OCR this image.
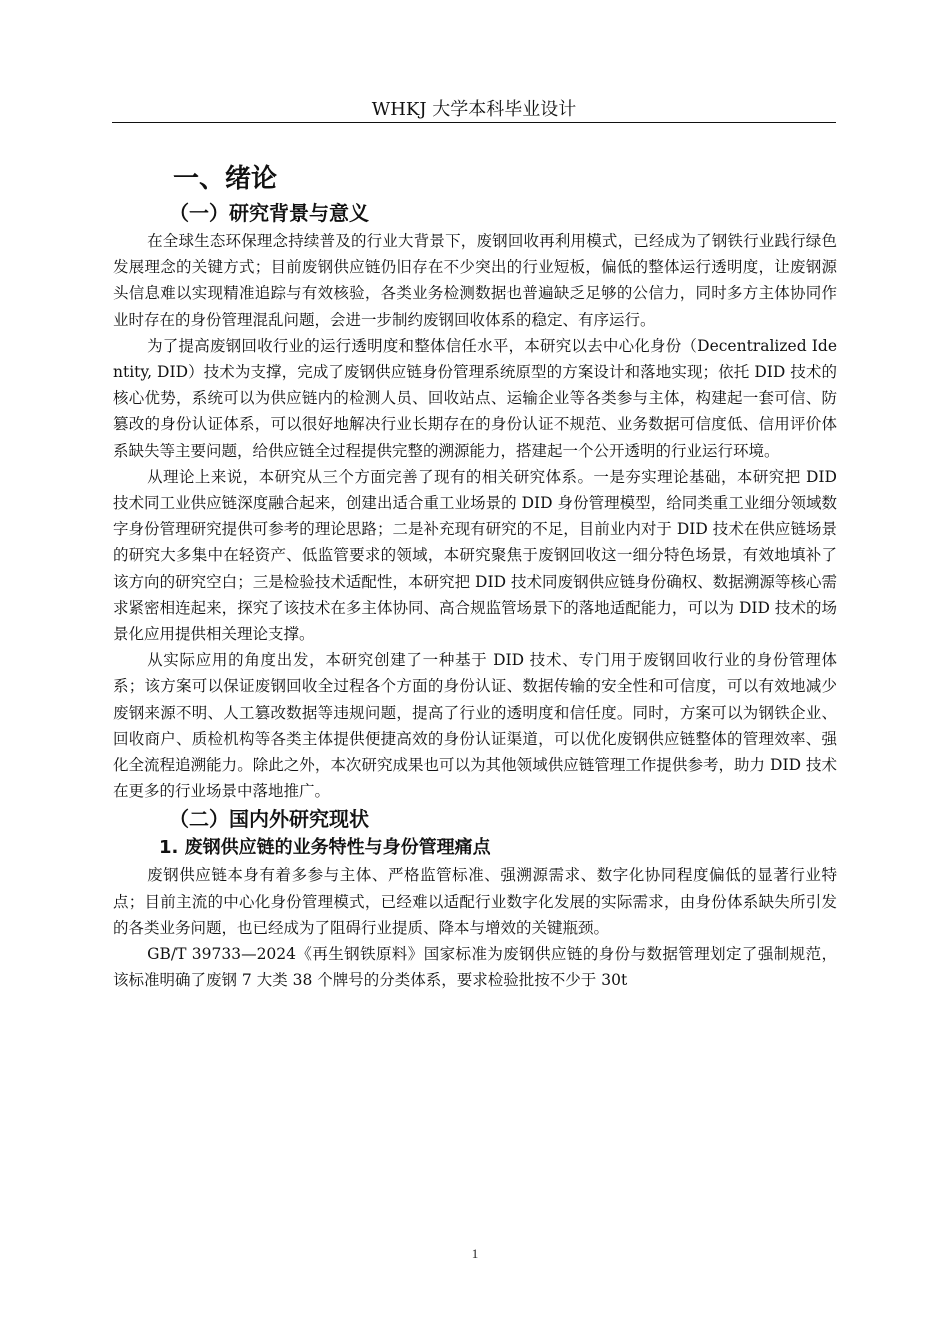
WHKJ 大学本科毕业设计
一、绪论
（一）研究背景与意义

在全球生态环保理念持续普及的行业大背景下，废钢回收再利用模式，已经成为了钢铁行业践行绿色发展理念的关键方式；目前废钢供应链仍旧存在不少突出的行业短板，偏低的整体运行透明度，让废钢源头信息难以实现精准追踪与有效核验，各类业务检测数据也普遍缺乏足够的公信力，同时多方主体协同作业时存在的身份管理混乱问题，会进一步制约废钢回收体系的稳定、有序运行。

为了提高废钢回收行业的运行透明度和整体信任水平，本研究以去中心化身份（Decentralized Identity, DID）技术为支撑，完成了废钢供应链身份管理系统原型的方案设计和落地实现；依托 DID 技术的核心优势，系统可以为供应链内的检测人员、回收站点、运输企业等各类参与主体，构建起一套可信、防篡改的身份认证体系，可以很好地解决行业长期存在的身份认证不规范、业务数据可信度低、信用评价体系缺失等主要问题，给供应链全过程提供完整的溯源能力，搭建起一个公开透明的行业运行环境。

从理论上来说，本研究从三个方面完善了现有的相关研究体系。一是夯实理论基础，本研究把 DID 技术同工业供应链深度融合起来，创建出适合重工业场景的 DID 身份管理模型，给同类重工业细分领域数字身份管理研究提供可参考的理论思路；二是补充现有研究的不足，目前业内对于 DID 技术在供应链场景的研究大多集中在轻资产、低监管要求的领域，本研究聚焦于废钢回收这一细分特色场景，有效地填补了该方向的研究空白；三是检验技术适配性，本研究把 DID 技术同废钢供应链身份确权、数据溯源等核心需求紧密相连起来，探究了该技术在多主体协同、高合规监管场景下的落地适配能力，可以为 DID 技术的场景化应用提供相关理论支撑。

从实际应用的角度出发，本研究创建了一种基于 DID 技术、专门用于废钢回收行业的身份管理体系；该方案可以保证废钢回收全过程各个方面的身份认证、数据传输的安全性和可信度，可以有效地减少废钢来源不明、人工篡改数据等违规问题，提高了行业的透明度和信任度。同时，方案可以为钢铁企业、回收商户、质检机构等各类主体提供便捷高效的身份认证渠道，可以优化废钢供应链整体的管理效率、强化全流程追溯能力。除此之外，本次研究成果也可以为其他领域供应链管理工作提供参考，助力 DID 技术在更多的行业场景中落地推广。

（二）国内外研究现状
1. 废钢供应链的业务特性与身份管理痛点

废钢供应链本身有着多参与主体、严格监管标准、强溯源需求、数字化协同程度偏低的显著行业特点；目前主流的中心化身份管理模式，已经难以适配行业数字化发展的实际需求，由身份体系缺失所引发的各类业务问题，也已经成为了阻碍行业提质、降本与增效的关键瓶颈。

GB/T 39733—2024《再生钢铁原料》国家标准为废钢供应链的身份与数据管理划定了强制规范，该标准明确了废钢 7 大类 38 个牌号的分类体系，要求检验批按不少于 30t

1
